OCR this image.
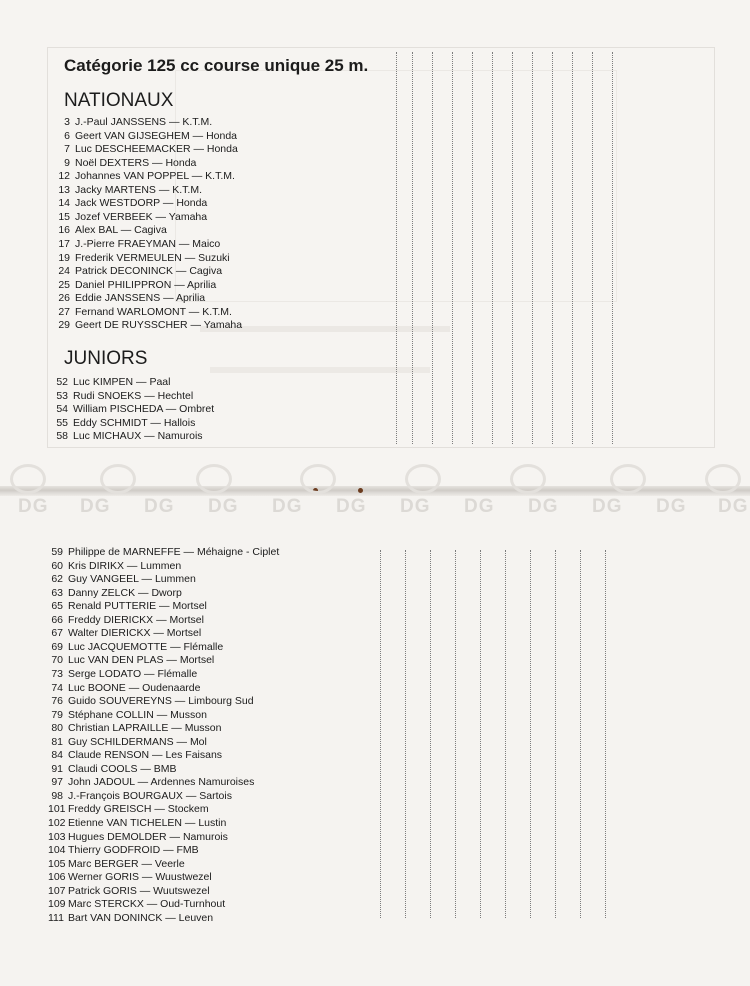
DG DG DG DG DG DG DG DG DG DG DG DG
Catégorie 125 cc course unique 25 m.
NATIONAUX
3 J.-Paul JANSSENS — K.T.M.
6 Geert VAN GIJSEGHEM — Honda
7 Luc DESCHEEMACKER — Honda
9 Noël DEXTERS — Honda
12 Johannes VAN POPPEL — K.T.M.
13 Jacky MARTENS — K.T.M.
14 Jack WESTDORP — Honda
15 Jozef VERBEEK — Yamaha
16 Alex BAL — Cagiva
17 J.-Pierre FRAEYMAN — Maico
19 Frederik VERMEULEN — Suzuki
24 Patrick DECONINCK — Cagiva
25 Daniel PHILIPPRON — Aprilia
26 Eddie JANSSENS — Aprilia
27 Fernand WARLOMONT — K.T.M.
29 Geert DE RUYSSCHER — Yamaha
JUNIORS
52 Luc KIMPEN — Paal
53 Rudi SNOEKS — Hechtel
54 William PISCHEDA — Ombret
55 Eddy SCHMIDT — Hallois
58 Luc MICHAUX — Namurois
59 Philippe de MARNEFFE — Méhaigne - Ciplet
60 Kris DIRIKX — Lummen
62 Guy VANGEEL — Lummen
63 Danny ZELCK — Dworp
65 Renald PUTTERIE — Mortsel
66 Freddy DIERICKX — Mortsel
67 Walter DIERICKX — Mortsel
69 Luc JACQUEMOTTE — Flémalle
70 Luc VAN DEN PLAS — Mortsel
73 Serge LODATO — Flémalle
74 Luc BOONE — Oudenaarde
76 Guido SOUVEREYNS — Limbourg Sud
79 Stéphane COLLIN — Musson
80 Christian LAPRAILLE — Musson
81 Guy SCHILDERMANS — Mol
84 Claude RENSON — Les Faisans
91 Claudi COOLS — BMB
97 John JADOUL — Ardennes Namuroises
98 J.-François BOURGAUX — Sartois
101 Freddy GREISCH — Stockem
102 Etienne VAN TICHELEN — Lustin
103 Hugues DEMOLDER — Namurois
104 Thierry GODFROID — FMB
105 Marc BERGER — Veerle
106 Werner GORIS — Wuustwezel
107 Patrick GORIS — Wuutswezel
109 Marc STERCKX — Oud-Turnhout
111 Bart VAN DONINCK — Leuven
